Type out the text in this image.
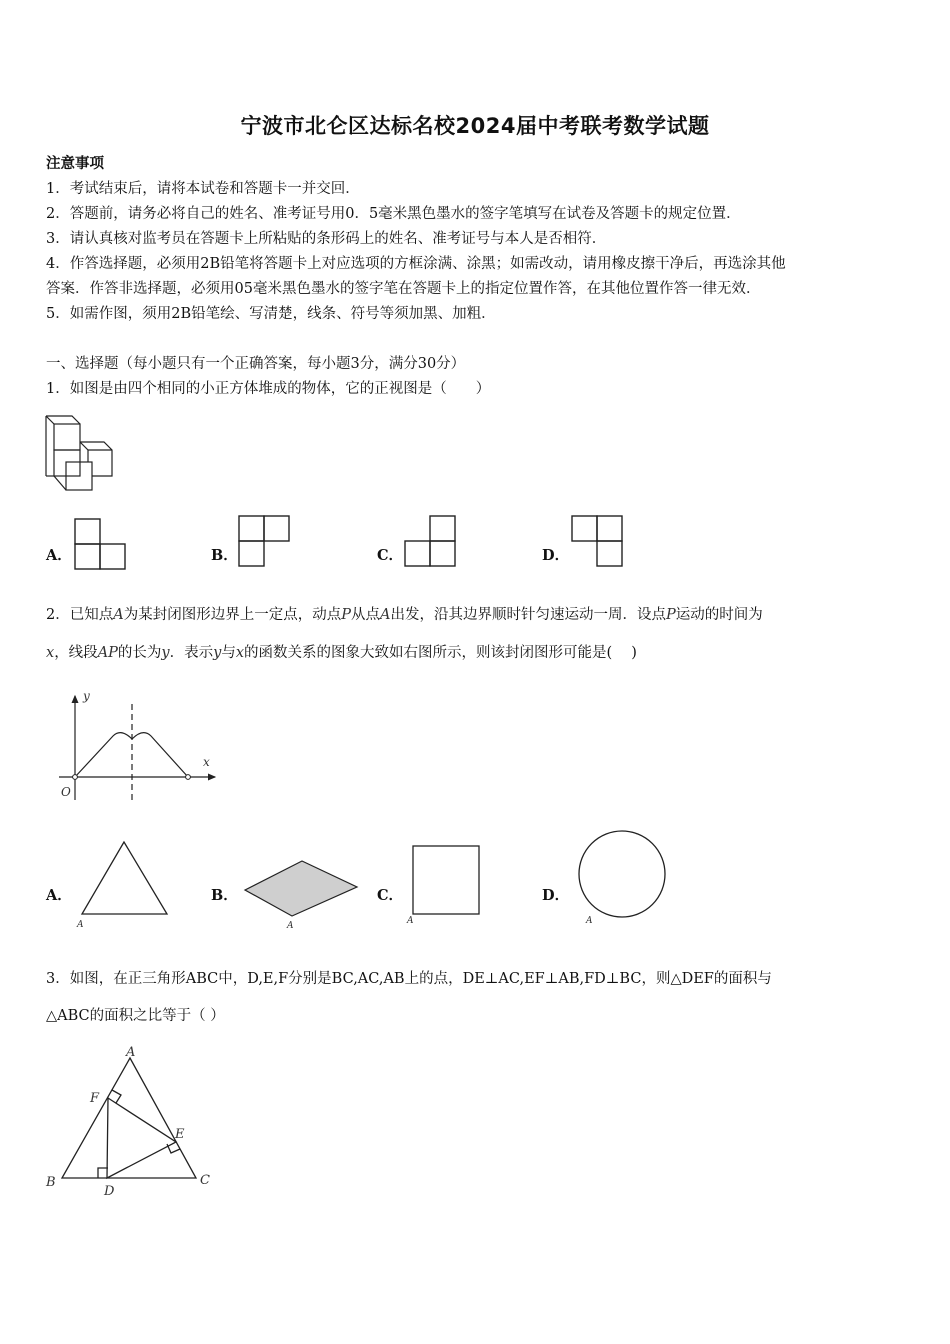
宁波市北仑区达标名校2024届中考联考数学试题
注意事项
1．考试结束后，请将本试卷和答题卡一并交回．
2．答题前，请务必将自己的姓名、准考证号用0．5毫米黑色墨水的签字笔填写在试卷及答题卡的规定位置．
3．请认真核对监考员在答题卡上所粘贴的条形码上的姓名、准考证号与本人是否相符．
4．作答选择题，必须用2B铅笔将答题卡上对应选项的方框涂满、涂黑；如需改动，请用橡皮擦干净后，再选涂其他
答案．作答非选择题，必须用05毫米黑色墨水的签字笔在答题卡上的指定位置作答，在其他位置作答一律无效．
5．如需作图，须用2B铅笔绘、写清楚，线条、符号等须加黑、加粗．
一、选择题（每小题只有一个正确答案，每小题3分，满分30分）
1．如图是由四个相同的小正方体堆成的物体，它的正视图是（　　）
A．	B．	C．	D．
2．已知点A为某封闭图形边界上一定点，动点P从点A出发，沿其边界顺时针匀速运动一周．设点P运动的时间为
x，线段AP的长为y．表示y与x的函数关系的图象大致如右图所示，则该封闭图形可能是(　 )
y
x
O
A．
A
B．
A
C．
A
D．
A
3．如图，在正三角形ABC中，D,E,F分别是BC,AC,AB上的点，DE⊥AC,EF⊥AB,FD⊥BC，则△DEF的面积与
△ABC的面积之比等于（ ）
A
B	C
D
E
F
